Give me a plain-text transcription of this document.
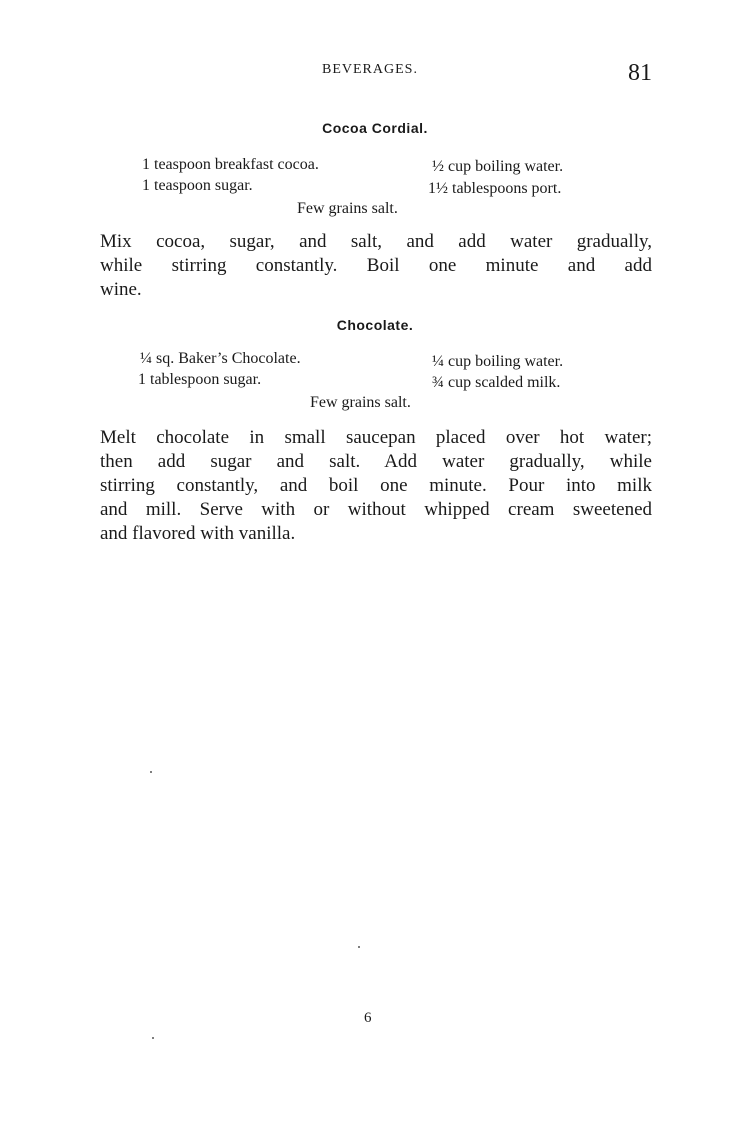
BEVERAGES.	81
Cocoa Cordial.
1 teaspoon breakfast cocoa.	½ cup boiling water.
1 teaspoon sugar.	1½ tablespoons port.
Few grains salt.
Mix cocoa, sugar, and salt, and add water gradually,
while stirring constantly. Boil one minute and add
wine.
Chocolate.
¼ sq. Baker’s Chocolate.	¼ cup boiling water.
1 tablespoon sugar.	¾ cup scalded milk.
Few grains salt.
Melt chocolate in small saucepan placed over hot water;
then add sugar and salt. Add water gradually, while
stirring constantly, and boil one minute. Pour into milk
and mill. Serve with or without whipped cream sweetened
and flavored with vanilla.
6
